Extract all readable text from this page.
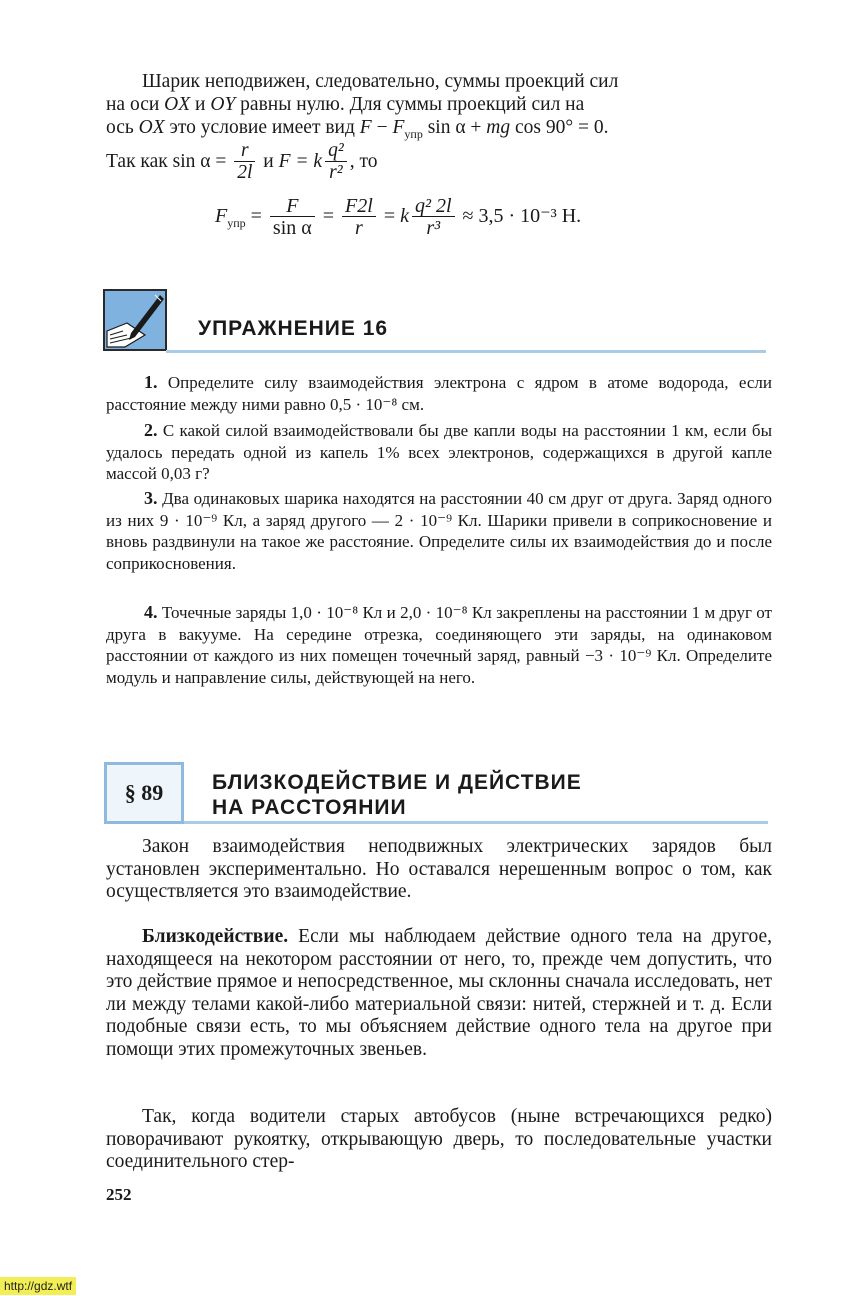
Шарик неподвижен, следовательно, суммы проекций сил
на оси OX и OY равны нулю. Для суммы проекций сил на
ось OX это условие имеет вид $F - F_{упр}$ sin α + mg cos 90° = 0.
Так как $\sin \alpha = \frac{r}{2l}$ и F = k $\frac{\text{q²}}{\text{r²}}$ , то
$F_{упр} = \frac{F}{\text{sin α}} = \frac{F2l}{r} = k \frac{\text{q² 2l}}{\text{r³}} \approx 3,5 \cdot 10^{-3}$ Н.
УПРАЖНЕНИЕ 16

1. Определите силу взаимодействия электрона с ядром в атоме водорода, если расстояние между ними равно 0,5 · 10⁻⁸ см.

2. С какой силой взаимодействовали бы две капли воды на расстоянии 1 км, если бы удалось передать одной из капель 1% всех электронов, содержащихся в другой капле массой 0,03 г?

3. Два одинаковых шарика находятся на расстоянии 40 см друг от друга. Заряд одного из них 9 · 10⁻⁹ Кл, а заряд другого — 2 · 10⁻⁹ Кл. Шарики привели в соприкосновение и вновь раздвинули на такое же расстояние. Определите силы их взаимодействия до и после соприкосновения.

4. Точечные заряды 1,0 · 10⁻⁸ Кл и 2,0 · 10⁻⁸ Кл закреплены на расстоянии 1 м друг от друга в вакууме. На середине отрезка, соединяющего эти заряды, на одинаковом расстоянии от каждого из них помещен точечный заряд, равный −3 · 10⁻⁹ Кл. Определите модуль и направление силы, действующей на него.

§ 89	БЛИЗКОДЕЙСТВИЕ И ДЕЙСТВИЕ
НА РАССТОЯНИИ

Закон взаимодействия неподвижных электрических зарядов был установлен экспериментально. Но оставался нерешенным вопрос о том, как осуществляется это взаимодействие.

Близкодействие. Если мы наблюдаем действие одного тела на другое, находящееся на некотором расстоянии от него, то, прежде чем допустить, что это действие прямое и непосредственное, мы склонны сначала исследовать, нет ли между телами какой-либо материальной связи: нитей, стержней и т. д. Если подобные связи есть, то мы объясняем действие одного тела на другое при помощи этих промежуточных звеньев.

Так, когда водители старых автобусов (ныне встречающихся редко) поворачивают рукоятку, открывающую дверь, то последовательные участки соединительного стер-

252
http://gdz.wtf
